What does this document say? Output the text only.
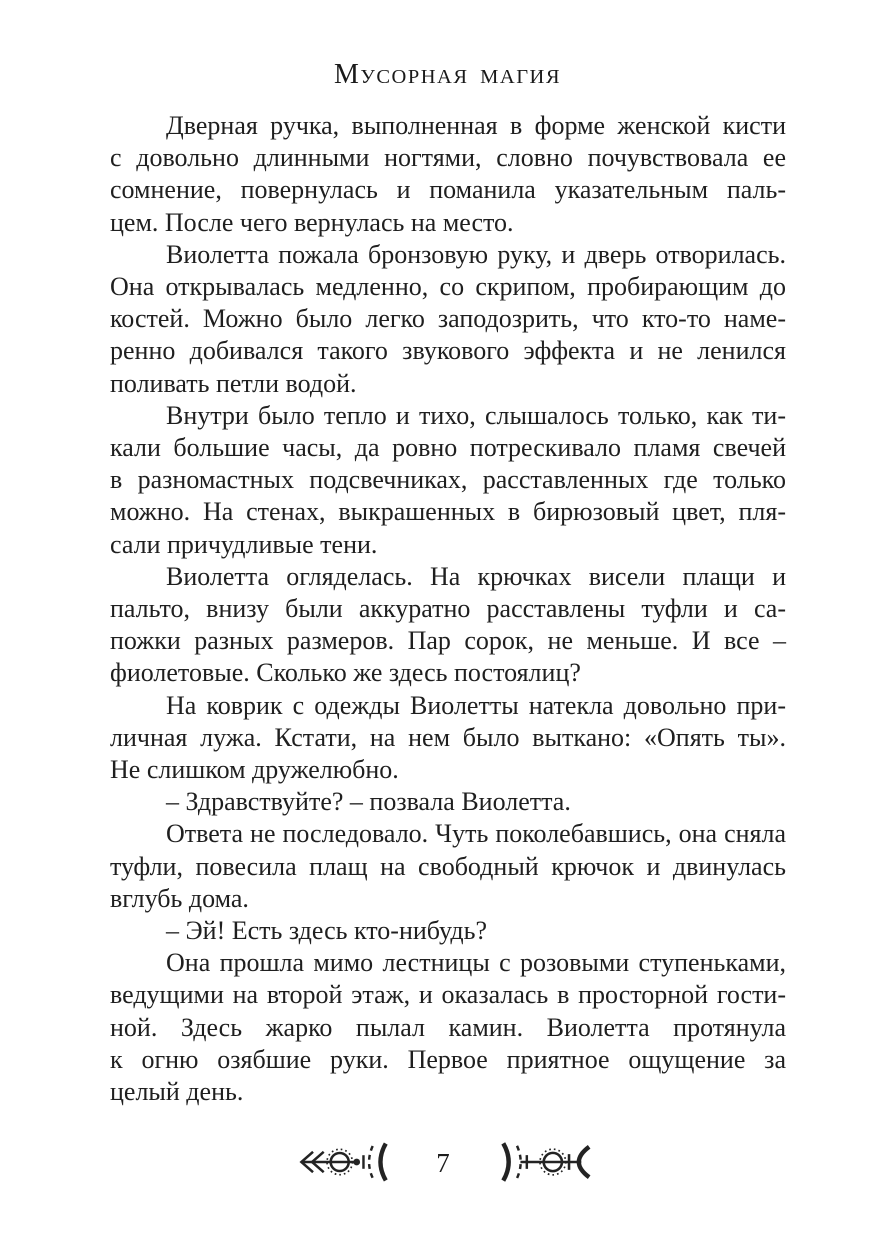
МУСОРНАЯ МАГИЯ
Дверная ручка, выполненная в форме женской кисти
с довольно длинными ногтями, словно почувствовала ее
сомнение, повернулась и поманила указательным паль-
цем. После чего вернулась на место.
Виолетта пожала бронзовую руку, и дверь отворилась.
Она открывалась медленно, со скрипом, пробирающим до
костей. Можно было легко заподозрить, что кто-то наме-
ренно добивался такого звукового эффекта и не ленился
поливать петли водой.
Внутри было тепло и тихо, слышалось только, как ти-
кали большие часы, да ровно потрескивало пламя свечей
в разномастных подсвечниках, расставленных где только
можно. На стенах, выкрашенных в бирюзовый цвет, пля-
сали причудливые тени.
Виолетта огляделась. На крючках висели плащи и
пальто, внизу были аккуратно расставлены туфли и са-
пожки разных размеров. Пар сорок, не меньше. И все –
фиолетовые. Сколько же здесь постоялиц?
На коврик с одежды Виолетты натекла довольно при-
личная лужа. Кстати, на нем было выткано: «Опять ты».
Не слишком дружелюбно.
– Здравствуйте? – позвала Виолетта.
Ответа не последовало. Чуть поколебавшись, она сняла
туфли, повесила плащ на свободный крючок и двинулась
вглубь дома.
– Эй! Есть здесь кто-нибудь?
Она прошла мимо лестницы с розовыми ступеньками,
ведущими на второй этаж, и оказалась в просторной гости-
ной. Здесь жарко пылал камин. Виолетта протянула
к огню озябшие руки. Первое приятное ощущение за
целый день.
7
